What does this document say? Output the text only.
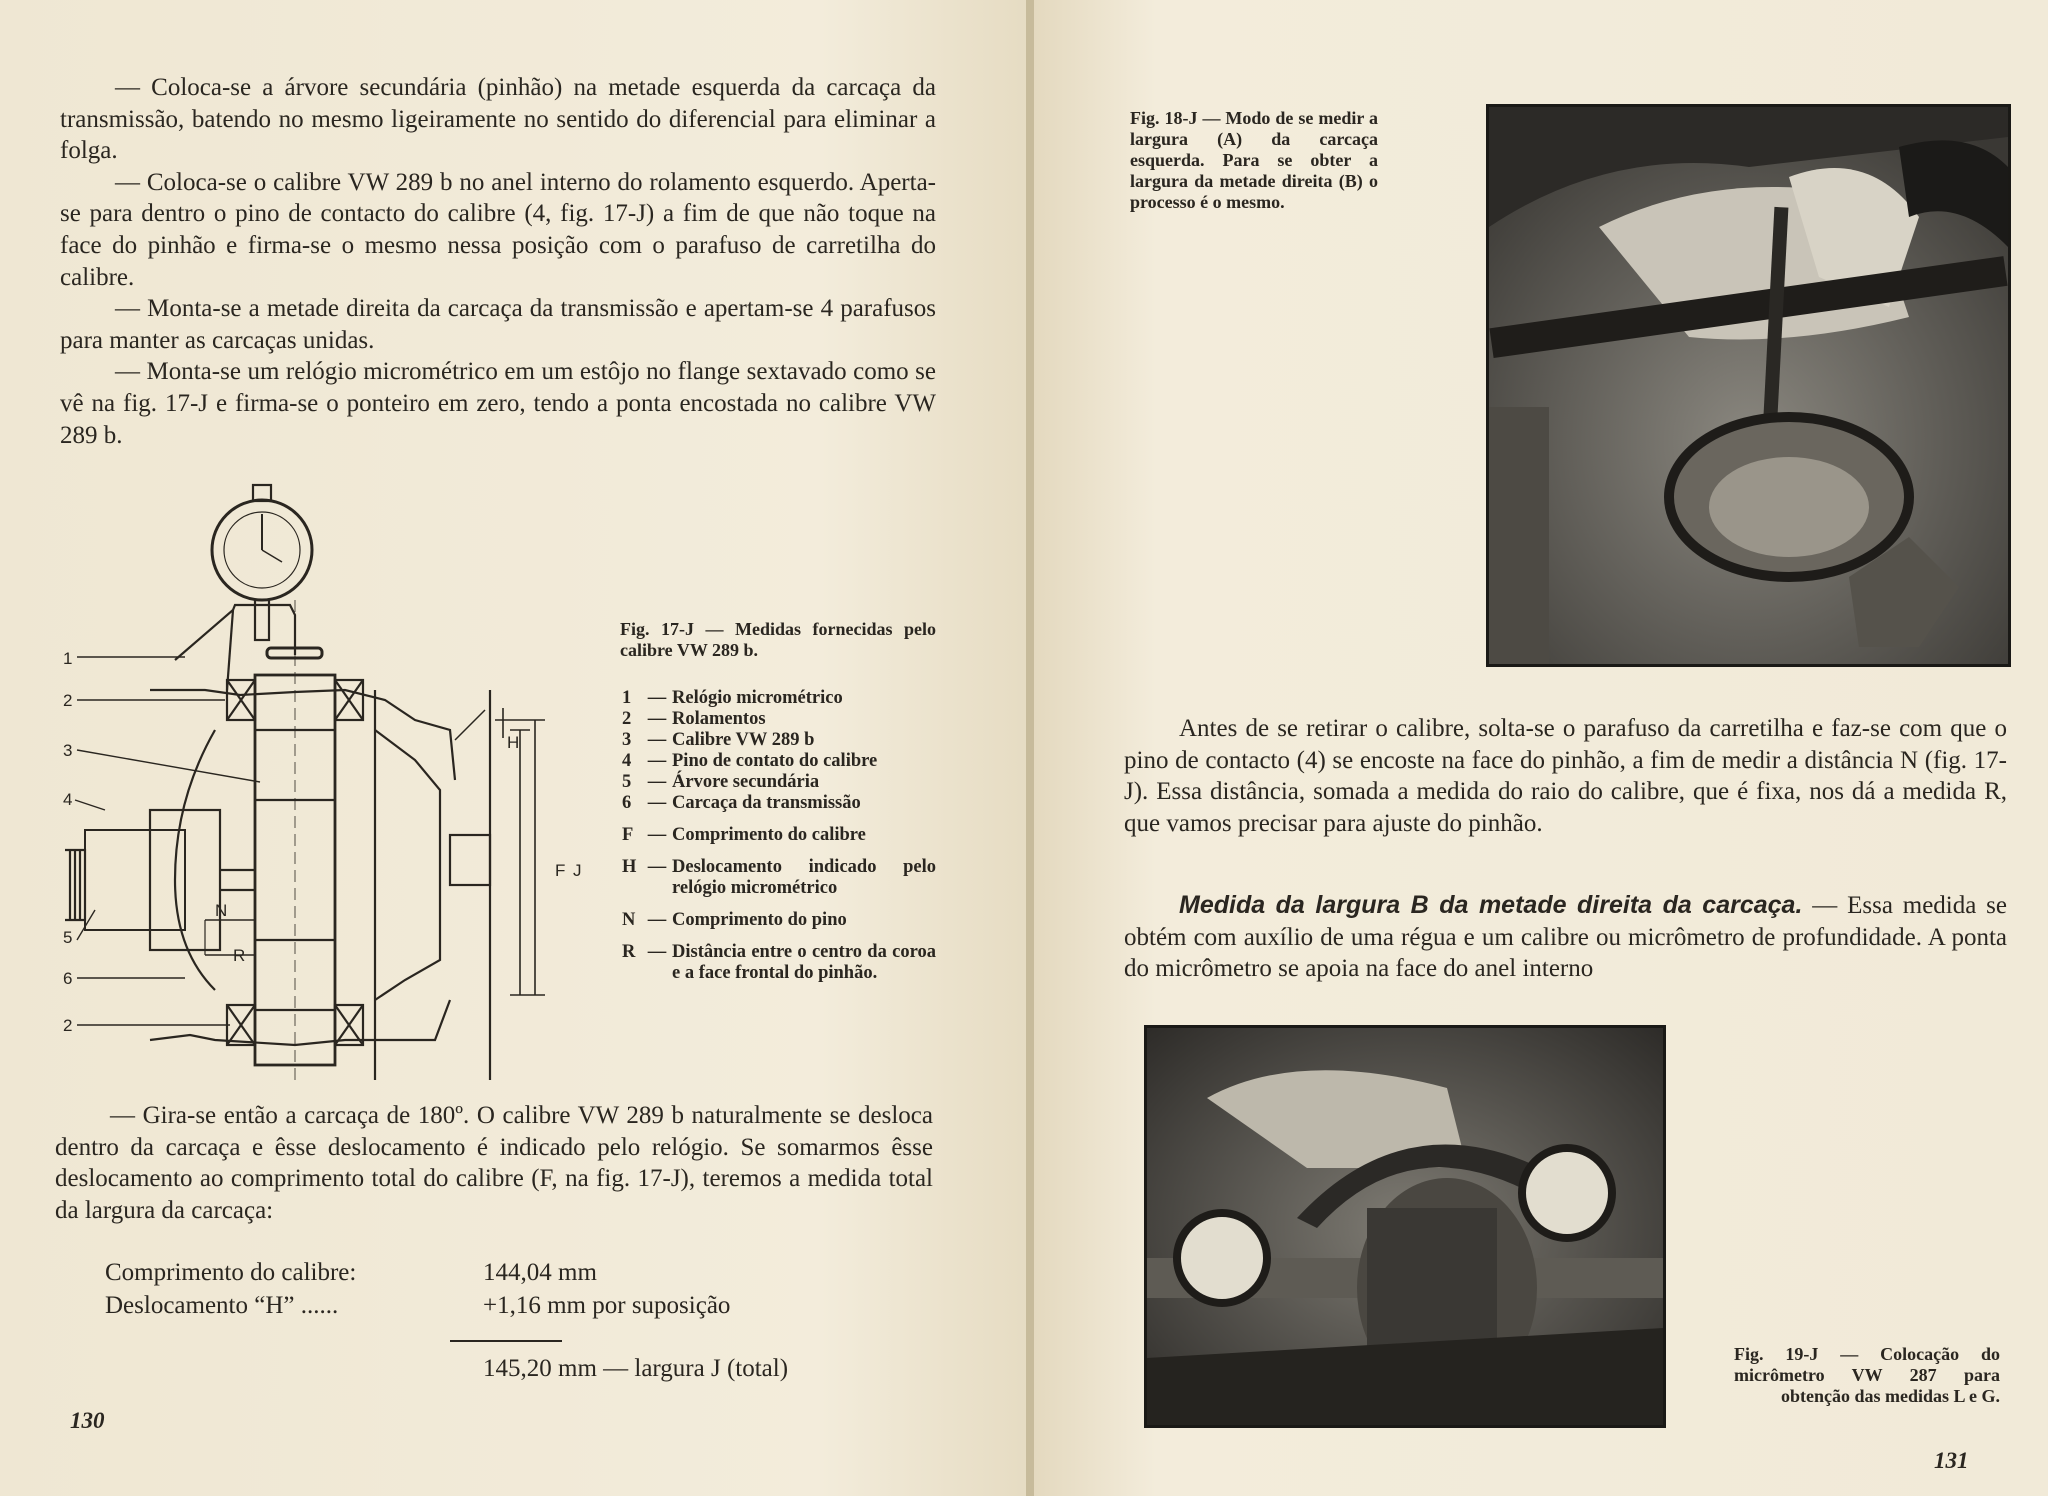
— Coloca-se a árvore secundária (pinhão) na metade esquerda da carcaça da transmissão, batendo no mesmo ligeiramente no sentido do diferencial para eliminar a folga.

— Coloca-se o calibre VW 289 b no anel interno do rolamento esquerdo. Aperta-se para dentro o pino de contacto do calibre (4, fig. 17-J) a fim de que não toque na face do pinhão e firma-se o mesmo nessa posição com o parafuso de carretilha do calibre.

— Monta-se a metade direita da carcaça da transmissão e apertam-se 4 parafusos para manter as carcaças unidas.

— Monta-se um relógio micrométrico em um estôjo no flange sextavado como se vê na fig. 17-J e firma-se o ponteiro em zero, tendo a ponta encostada no calibre VW 289 b.

1
2
3
4
5
6
2
H
F J
N
R
Fig. 17-J — Medidas fornecidas pelo calibre VW 289 b.
1 — Relógio micrométrico
2 — Rolamentos
3 — Calibre VW 289 b
4 — Pino de contato do calibre
5 — Árvore secundária
6 — Carcaça da transmissão
F — Comprimento do calibre
H — Deslocamento indicado pelo relógio micrométrico
N — Comprimento do pino
R — Distância entre o centro da coroa e a face frontal do pinhão.

— Gira-se então a carcaça de 180º. O calibre VW 289 b naturalmente se desloca dentro da carcaça e êsse deslocamento é indicado pelo relógio. Se somarmos êsse deslocamento ao comprimento total do calibre (F, na fig. 17-J), teremos a medida total da largura da carcaça:

Comprimento do calibre:	144,04 mm
Deslocamento “H” ......	+1,16 mm por suposição
145,20 mm — largura J (total)
130
Fig. 18-J — Modo de se medir a largura (A) da carcaça esquerda. Para se obter a largura da metade direita (B) o processo é o mesmo.

Antes de se retirar o calibre, solta-se o parafuso da carretilha e faz-se com que o pino de contacto (4) se encoste na face do pinhão, a fim de medir a distância N (fig. 17-J). Essa distância, somada a medida do raio do calibre, que é fixa, nos dá a medida R, que vamos precisar para ajuste do pinhão.

Medida da largura B da metade direita da carcaça. — Essa medida se obtém com auxílio de uma régua e um calibre ou micrômetro de profundidade. A ponta do micrômetro se apoia na face do anel interno

Fig. 19-J — Colocação do micrômetro VW 287 para obtenção das medidas L e G.
131
